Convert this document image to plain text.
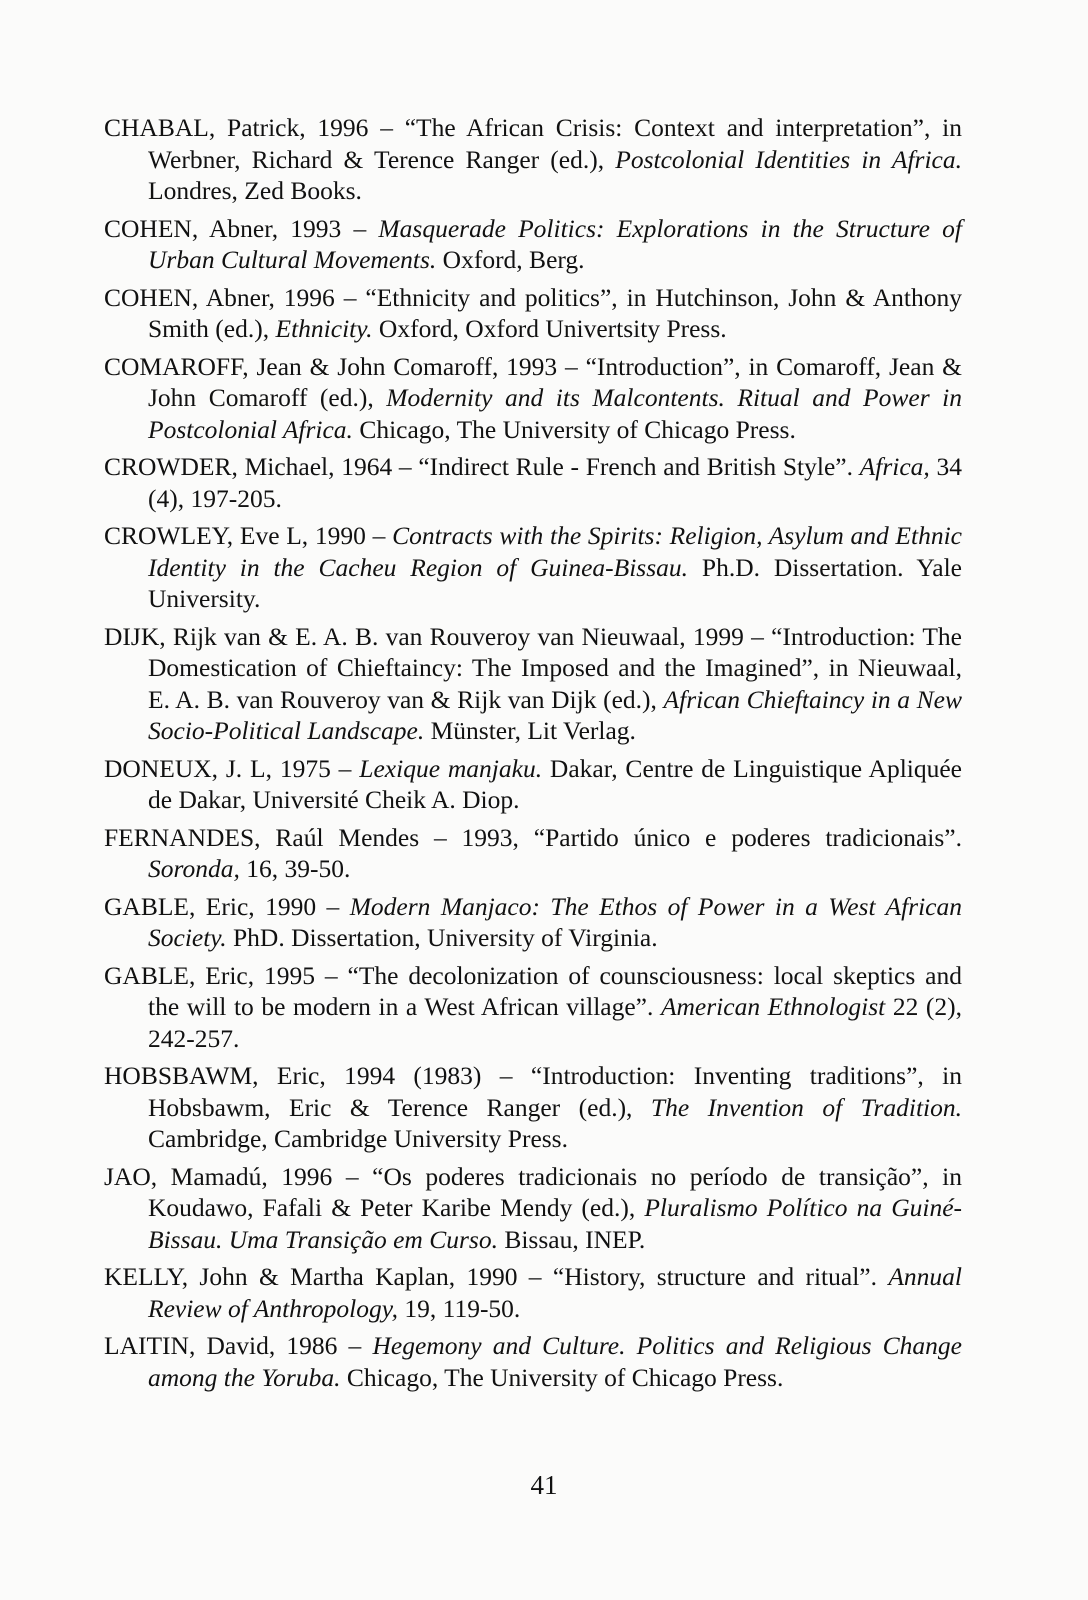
CHABAL, Patrick, 1996 – “The African Crisis: Context and interpretation”, in Werbner, Richard & Terence Ranger (ed.), Postcolonial Identities in Africa. Londres, Zed Books.
COHEN, Abner, 1993 – Masquerade Politics: Explorations in the Structure of Urban Cultural Movements. Oxford, Berg.
COHEN, Abner, 1996 – “Ethnicity and politics”, in Hutchinson, John & Anthony Smith (ed.), Ethnicity. Oxford, Oxford Univertsity Press.
COMAROFF, Jean & John Comaroff, 1993 – “Introduction”, in Comaroff, Jean & John Comaroff (ed.), Modernity and its Malcontents. Ritual and Power in Postcolonial Africa. Chicago, The University of Chicago Press.
CROWDER, Michael, 1964 – “Indirect Rule - French and British Style”. Africa, 34 (4), 197-205.
CROWLEY, Eve L, 1990 – Contracts with the Spirits: Religion, Asylum and Ethnic Identity in the Cacheu Region of Guinea-Bissau. Ph.D. Dissertation. Yale University.
DIJK, Rijk van & E. A. B. van Rouveroy van Nieuwaal, 1999 – “Introduction: The Domestication of Chieftaincy: The Imposed and the Imagined”, in Nieuwaal, E. A. B. van Rouveroy van & Rijk van Dijk (ed.), African Chieftaincy in a New Socio-Political Landscape. Münster, Lit Verlag.
DONEUX, J. L, 1975 – Lexique manjaku. Dakar, Centre de Linguistique Apliquée de Dakar, Université Cheik A. Diop.
FERNANDES, Raúl Mendes – 1993, “Partido único e poderes tradicionais”. Soronda, 16, 39-50.
GABLE, Eric, 1990 – Modern Manjaco: The Ethos of Power in a West African Society. PhD. Dissertation, University of Virginia.
GABLE, Eric, 1995 – “The decolonization of counsciousness: local skeptics and the will to be modern in a West African village”. American Ethnologist 22 (2), 242-257.
HOBSBAWM, Eric, 1994 (1983) – “Introduction: Inventing traditions”, in Hobsbawm, Eric & Terence Ranger (ed.), The Invention of Tradition. Cambridge, Cambridge University Press.
JAO, Mamadú, 1996 – “Os poderes tradicionais no período de transição”, in Koudawo, Fafali & Peter Karibe Mendy (ed.), Pluralismo Político na Guiné-Bissau. Uma Transição em Curso. Bissau, INEP.
KELLY, John & Martha Kaplan, 1990 – “History, structure and ritual”. Annual Review of Anthropology, 19, 119-50.
LAITIN, David, 1986 – Hegemony and Culture. Politics and Religious Change among the Yoruba. Chicago, The University of Chicago Press.
41
